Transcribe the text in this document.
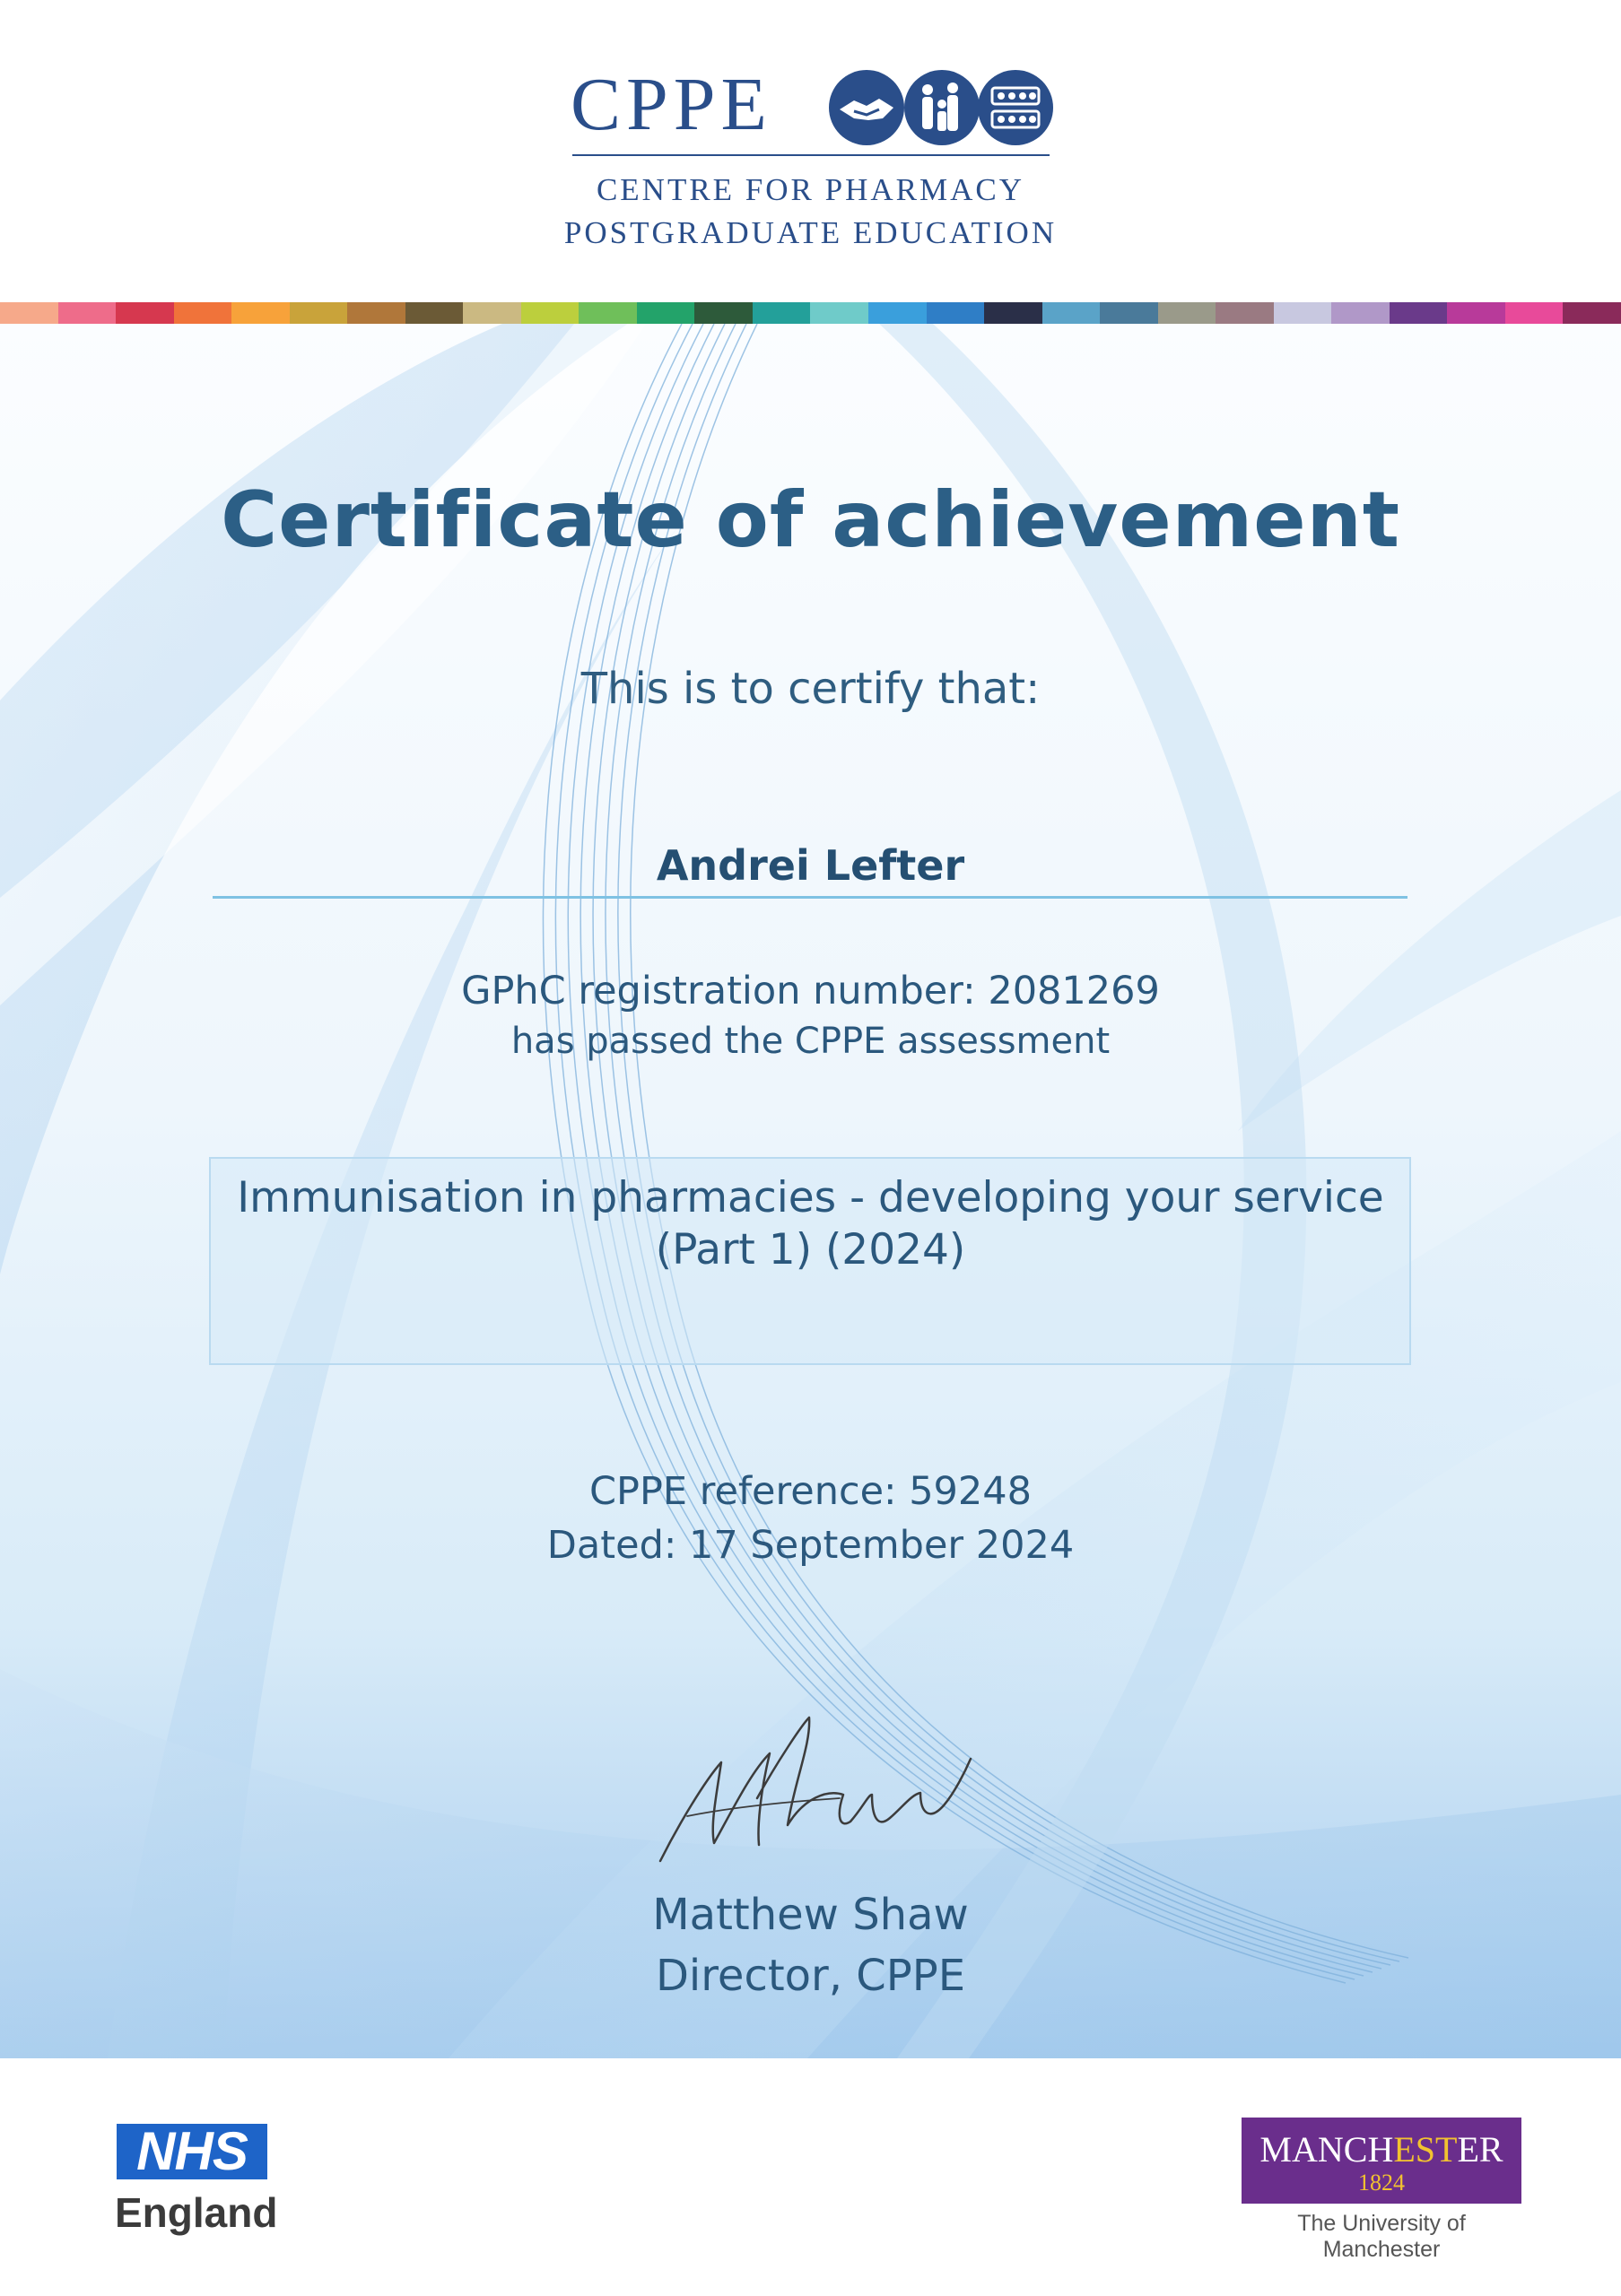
CPPE
CENTRE FOR PHARMACY
POSTGRADUATE EDUCATION
Certificate of achievement
This is to certify that:
Andrei Lefter
GPhC registration number: 2081269
has passed the CPPE assessment
Immunisation in pharmacies - developing your service
(Part 1) (2024)
CPPE reference: 59248
Dated: 17 September 2024
Matthew Shaw
Director, CPPE
NHS
England
MANCHESTER
1824
The University of Manchester
